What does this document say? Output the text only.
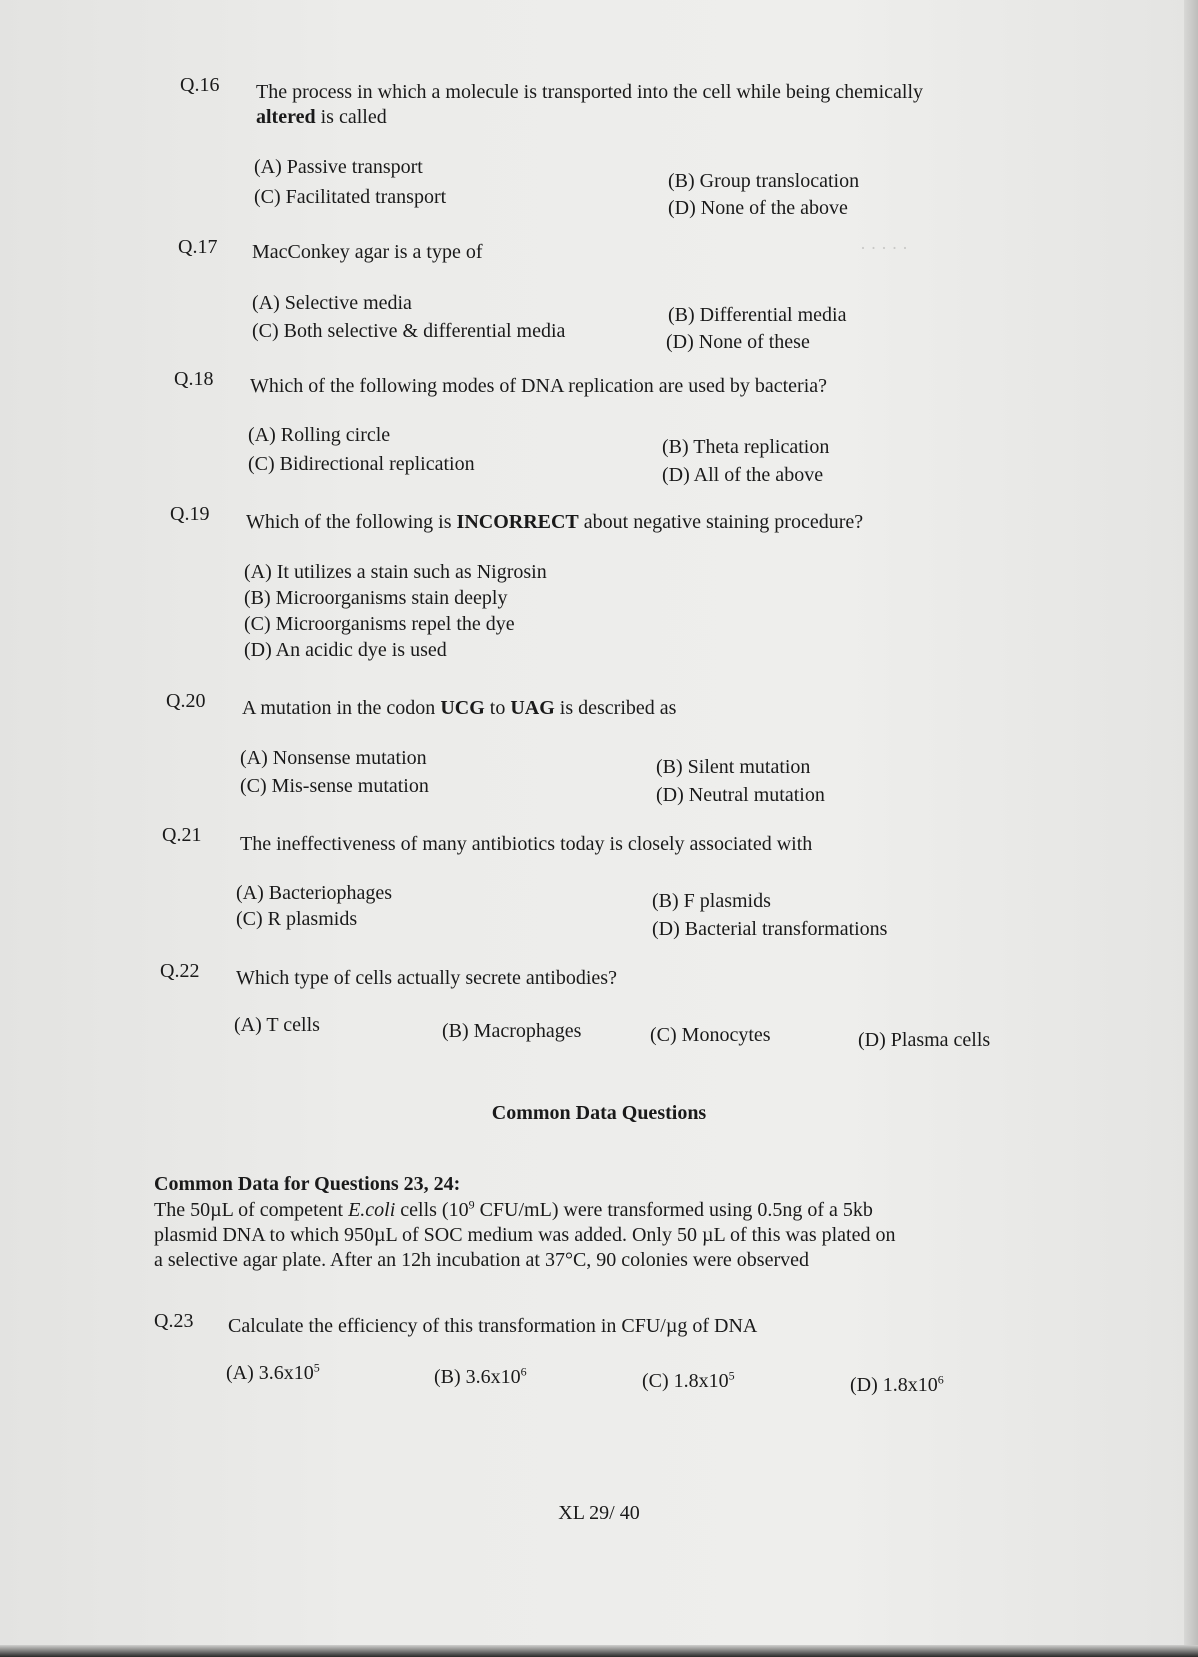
· · · · ·
Q.16 The process in which a molecule is transported into the cell while being chemically
altered is called
(A) Passive transport
(B) Group translocation
(C) Facilitated transport	(D) None of the above
Q.17 MacConkey agar is a type of
(A) Selective media
(B) Differential media
(C) Both selective & differential media	(D) None of these
Q.18 Which of the following modes of DNA replication are used by bacteria?
(A) Rolling circle
(B) Theta replication
(C) Bidirectional replication	(D) All of the above
Q.19 Which of the following is INCORRECT about negative staining procedure?
(A) It utilizes a stain such as Nigrosin
(B) Microorganisms stain deeply
(C) Microorganisms repel the dye
(D) An acidic dye is used
Q.20 A mutation in the codon UCG to UAG is described as
(A) Nonsense mutation	(B) Silent mutation
(C) Mis-sense mutation	(D) Neutral mutation
Q.21 The ineffectiveness of many antibiotics today is closely associated with
(A) Bacteriophages	(B) F plasmids
(C) R plasmids	(D) Bacterial transformations
Q.22 Which type of cells actually secrete antibodies?
(A) T cells	(B) Macrophages	(C) Monocytes	(D) Plasma cells
Common Data Questions
Common Data for Questions 23, 24:
The 50µL of competent E.coli cells ($10^9$ CFU/mL) were transformed using 0.5ng of a 5kb
plasmid DNA to which 950µL of SOC medium was added. Only 50 µL of this was plated on
a selective agar plate. After an 12h incubation at 37°C, 90 colonies were observed
Q.23 Calculate the efficiency of this transformation in CFU/µg of DNA
(A) $3.6x10^5$	(B) $3.6x10^6$	(C) $1.8x10^5$	(D) $1.8x10^6$
XL 29/ 40
